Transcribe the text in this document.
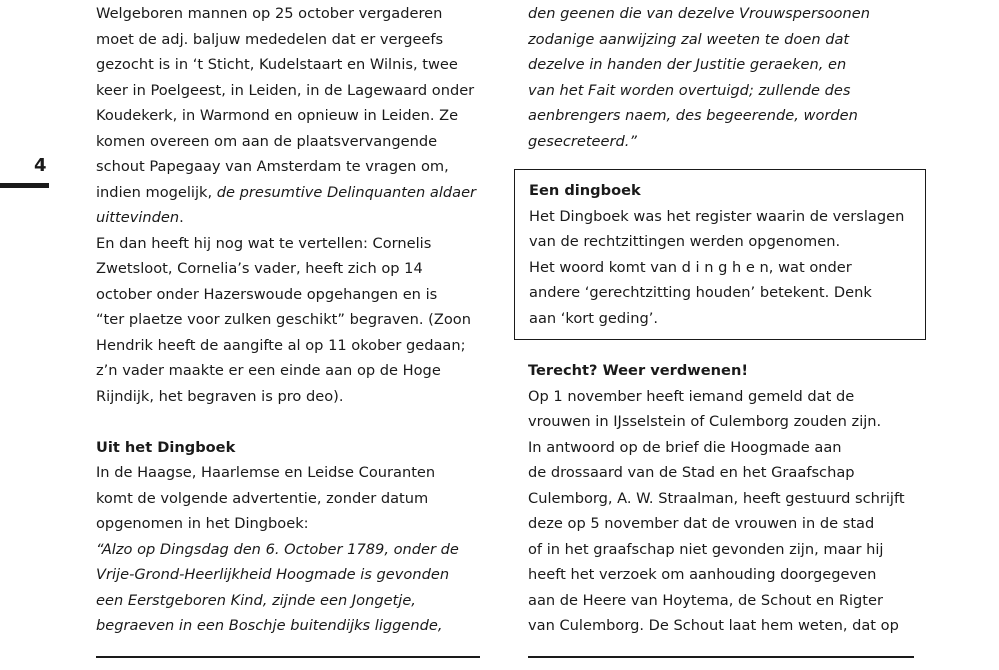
4
Welgeboren mannen op 25 october vergaderen
moet de adj. baljuw mededelen dat er vergeefs
gezocht is in ‘t Sticht, Kudelstaart en Wilnis, twee
keer in Poelgeest, in Leiden, in de Lagewaard onder
Koudekerk, in Warmond en opnieuw in Leiden. Ze
komen overeen om aan de plaatsvervangende
schout Papegaay van Amsterdam te vragen om,
indien mogelijk, de presumtive Delinquanten aldaer
uittevinden.
En dan heeft hij nog wat te vertellen: Cornelis
Zwetsloot, Cornelia’s vader, heeft zich op 14
october onder Hazerswoude opgehangen en is
“ter plaetze voor zulken geschikt” begraven. (Zoon
Hendrik heeft de aangifte al op 11 okober gedaan;
z’n vader maakte er een einde aan op de Hoge
Rijndijk, het begraven is pro deo).
Uit het Dingboek
In de Haagse, Haarlemse en Leidse Couranten
komt de volgende advertentie, zonder datum
opgenomen in het Dingboek:
“Alzo op Dingsdag den 6. October 1789, onder de
Vrije-Grond-Heerlijkheid Hoogmade is gevonden
een Eerstgeboren Kind, zijnde een Jongetje,
begraeven in een Boschje buitendijks liggende,
den geenen die van dezelve Vrouwspersoonen
zodanige aanwijzing zal weeten te doen dat
dezelve in handen der Justitie geraeken, en
van het Fait worden overtuigd; zullende des
aenbrengers naem, des begeerende, worden
gesecreteerd.”
Een dingboek
Het Dingboek was het register waarin de verslagen
van de rechtzittingen werden opgenomen.
Het woord komt van d i n g h e n, wat onder
andere ‘gerechtzitting houden’ betekent. Denk
aan ‘kort geding’.
Terecht? Weer verdwenen!
Op 1 november heeft iemand gemeld dat de
vrouwen in IJsselstein of Culemborg zouden zijn.
In antwoord op de brief die Hoogmade aan
de drossaard van de Stad en het Graafschap
Culemborg, A. W. Straalman, heeft gestuurd schrijft
deze op 5 november dat de vrouwen in de stad
of in het graafschap niet gevonden zijn, maar hij
heeft het verzoek om aanhouding doorgegeven
aan de Heere van Hoytema, de Schout en Rigter
van Culemborg. De Schout laat hem weten, dat op
